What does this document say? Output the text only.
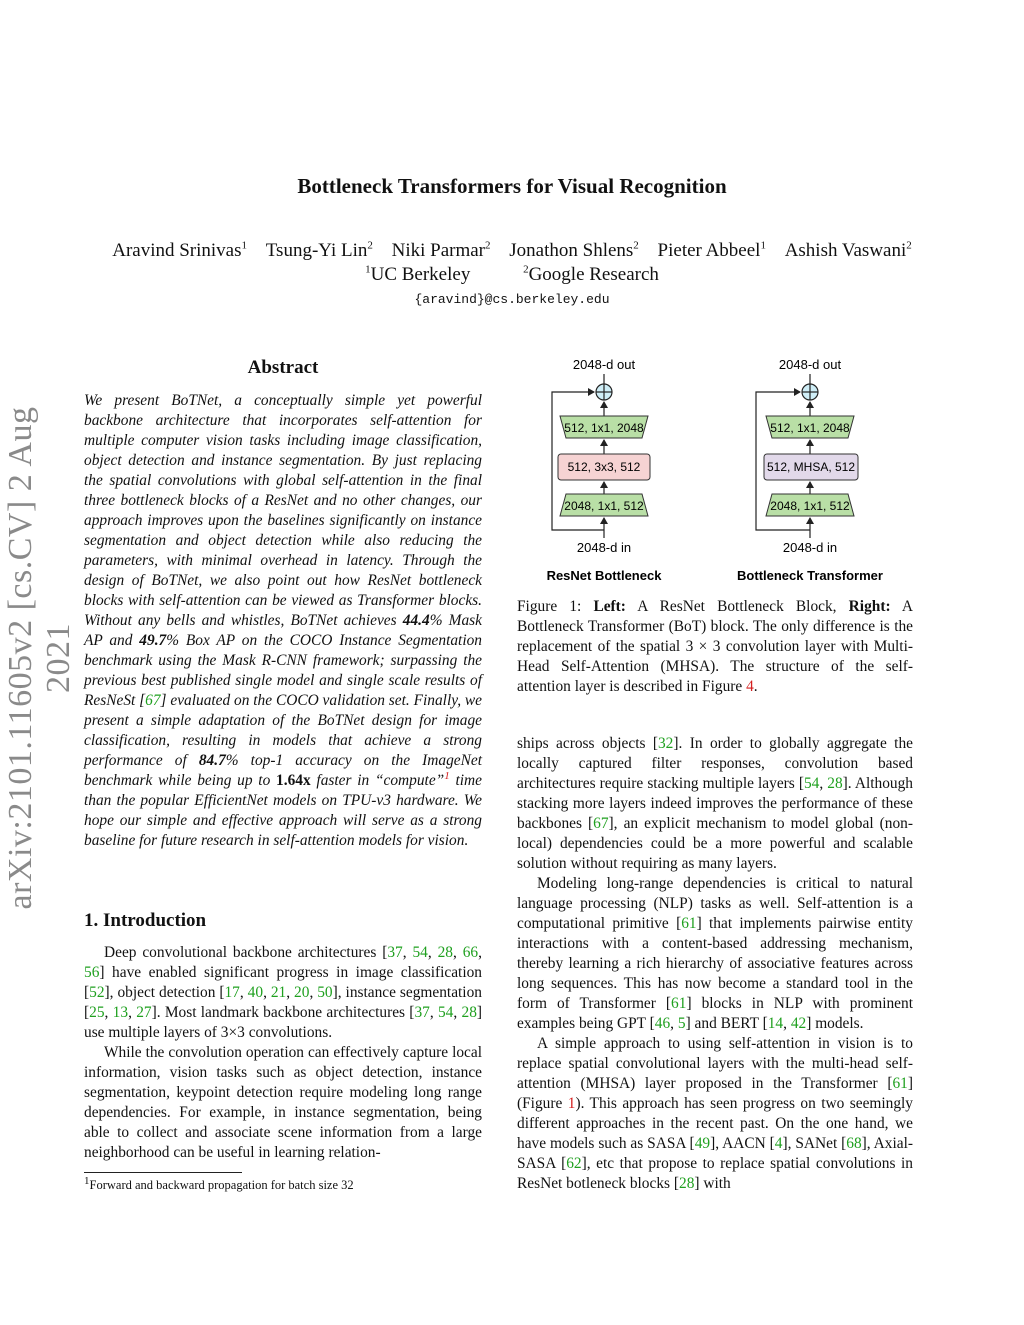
arXiv:2101.11605v2 [cs.CV] 2 Aug 2021
Bottleneck Transformers for Visual Recognition
Aravind Srinivas$^1$ Tsung-Yi Lin$^2$ Niki Parmar$^2$ Jonathon Shlens$^2$ Pieter Abbeel$^1$ Ashish Vaswani$^2$
$^1$UC Berkeley	$^2$Google Research
{aravind}@cs.berkeley.edu
Abstract

We present BoTNet, a conceptually simple yet powerful backbone architecture that incorporates self-attention for multiple computer vision tasks including image classification, object detection and instance segmentation. By just replacing the spatial convolutions with global self-attention in the final three bottleneck blocks of a ResNet and no other changes, our approach improves upon the baselines significantly on instance segmentation and object detection while also reducing the parameters, with minimal overhead in latency. Through the design of BoTNet, we also point out how ResNet bottleneck blocks with self-attention can be viewed as Transformer blocks. Without any bells and whistles, BoTNet achieves 44.4% Mask AP and 49.7% Box AP on the COCO Instance Segmentation benchmark using the Mask R-CNN framework; surpassing the previous best published single model and single scale results of ResNeSt [67] evaluated on the COCO validation set. Finally, we present a simple adaptation of the BoTNet design for image classification, resulting in models that achieve a strong performance of 84.7% top-1 accuracy on the ImageNet benchmark while being up to 1.64x faster in “compute”$^1$ time than the popular EfficientNet models on TPU-v3 hardware. We hope our simple and effective approach will serve as a strong baseline for future research in self-attention models for vision.

1. Introduction

Deep convolutional backbone architectures [37, 54, 28, 66, 56] have enabled significant progress in image classification [52], object detection [17, 40, 21, 20, 50], instance segmentation [25, 13, 27]. Most landmark backbone architectures [37, 54, 28] use multiple layers of 3×3 convolutions.

While the convolution operation can effectively capture local information, vision tasks such as object detection, instance segmentation, keypoint detection require modeling long range dependencies. For example, in instance segmentation, being able to collect and associate scene information from a large neighborhood can be useful in learning relation-

$^1$Forward and backward propagation for batch size 32
2048-d out
512, 1x1, 2048
512, 3x3, 512
2048, 1x1, 512
2048-d in
ResNet Bottleneck
2048-d out
512, 1x1, 2048
512, MHSA, 512
2048, 1x1, 512
2048-d in
Bottleneck Transformer

Figure 1: Left: A ResNet Bottleneck Block, Right: A Bottleneck Transformer (BoT) block. The only difference is the replacement of the spatial 3 × 3 convolution layer with Multi-Head Self-Attention (MHSA). The structure of the self-attention layer is described in Figure 4.

ships across objects [32]. In order to globally aggregate the locally captured filter responses, convolution based architectures require stacking multiple layers [54, 28]. Although stacking more layers indeed improves the performance of these backbones [67], an explicit mechanism to model global (non-local) dependencies could be a more powerful and scalable solution without requiring as many layers.

Modeling long-range dependencies is critical to natural language processing (NLP) tasks as well. Self-attention is a computational primitive [61] that implements pairwise entity interactions with a content-based addressing mechanism, thereby learning a rich hierarchy of associative features across long sequences. This has now become a standard tool in the form of Transformer [61] blocks in NLP with prominent examples being GPT [46, 5] and BERT [14, 42] models.

A simple approach to using self-attention in vision is to replace spatial convolutional layers with the multi-head self-attention (MHSA) layer proposed in the Transformer [61] (Figure 1). This approach has seen progress on two seemingly different approaches in the recent past. On the one hand, we have models such as SASA [49], AACN [4], SANet [68], Axial-SASA [62], etc that propose to replace spatial convolutions in ResNet botleneck blocks [28] with
